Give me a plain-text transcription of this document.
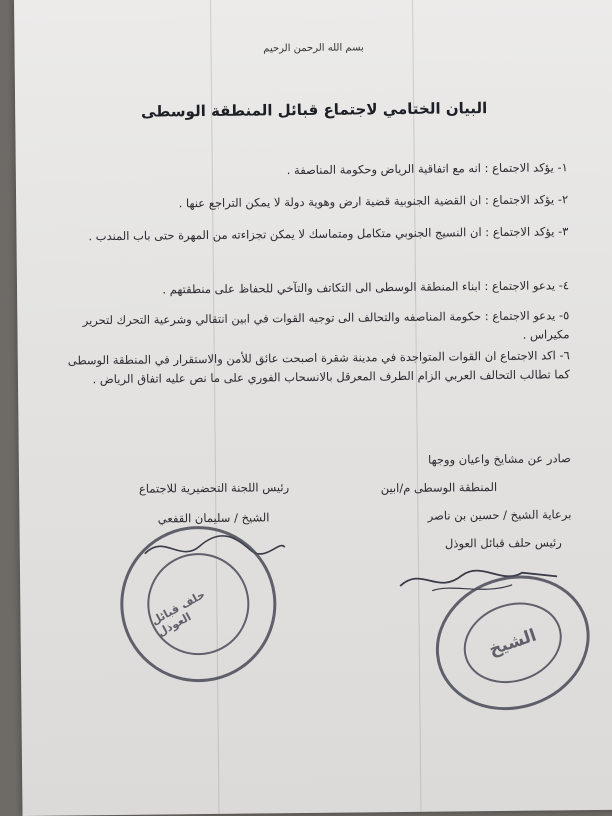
بسم الله الرحمن الرحيم
البيان الختامي لاجتماع قبائل المنطقة الوسطى
١- يؤكد الاجتماع : انه مع اتفاقية الرياض وحكومة المناصفة .
٢- يؤكد الاجتماع : ان القضية الجنوبية قضية ارض وهوية دولة لا يمكن التراجع عنها .
٣- يؤكد الاجتماع : ان النسيج الجنوبي متكامل ومتماسك لا يمكن تجزاءته من المهرة حتى باب المندب .
٤- يدعو الاجتماع : ابناء المنطقة الوسطى الى التكاتف والتآخي للحفاظ على منطقتهم .
٥- يدعو الاجتماع : حكومة المناصفه والتحالف الى توجيه القوات في ابين انتقالي وشرعية التحرك لتحرير مكيراس .
٦- اكد الاجتماع ان القوات المتواجدة في مدينة شقرة اصبحت عائق للأمن والاستقرار في المنطقة الوسطى كما تطالب التحالف العربي الزام الطرف المعرقل بالانسحاب الفوري على ما نص عليه اتفاق الرياض .
صادر عن مشايخ واعيان ووجها
المنطقة الوسطى م/ابين
برعاية الشيخ / حسين بن ناصر
رئيس حلف قبائل العوذل
رئيس اللجنة التحضيرية للاجتماع
الشيخ / سليمان القفعي
حلف قبائل العوذل
الشيخ
